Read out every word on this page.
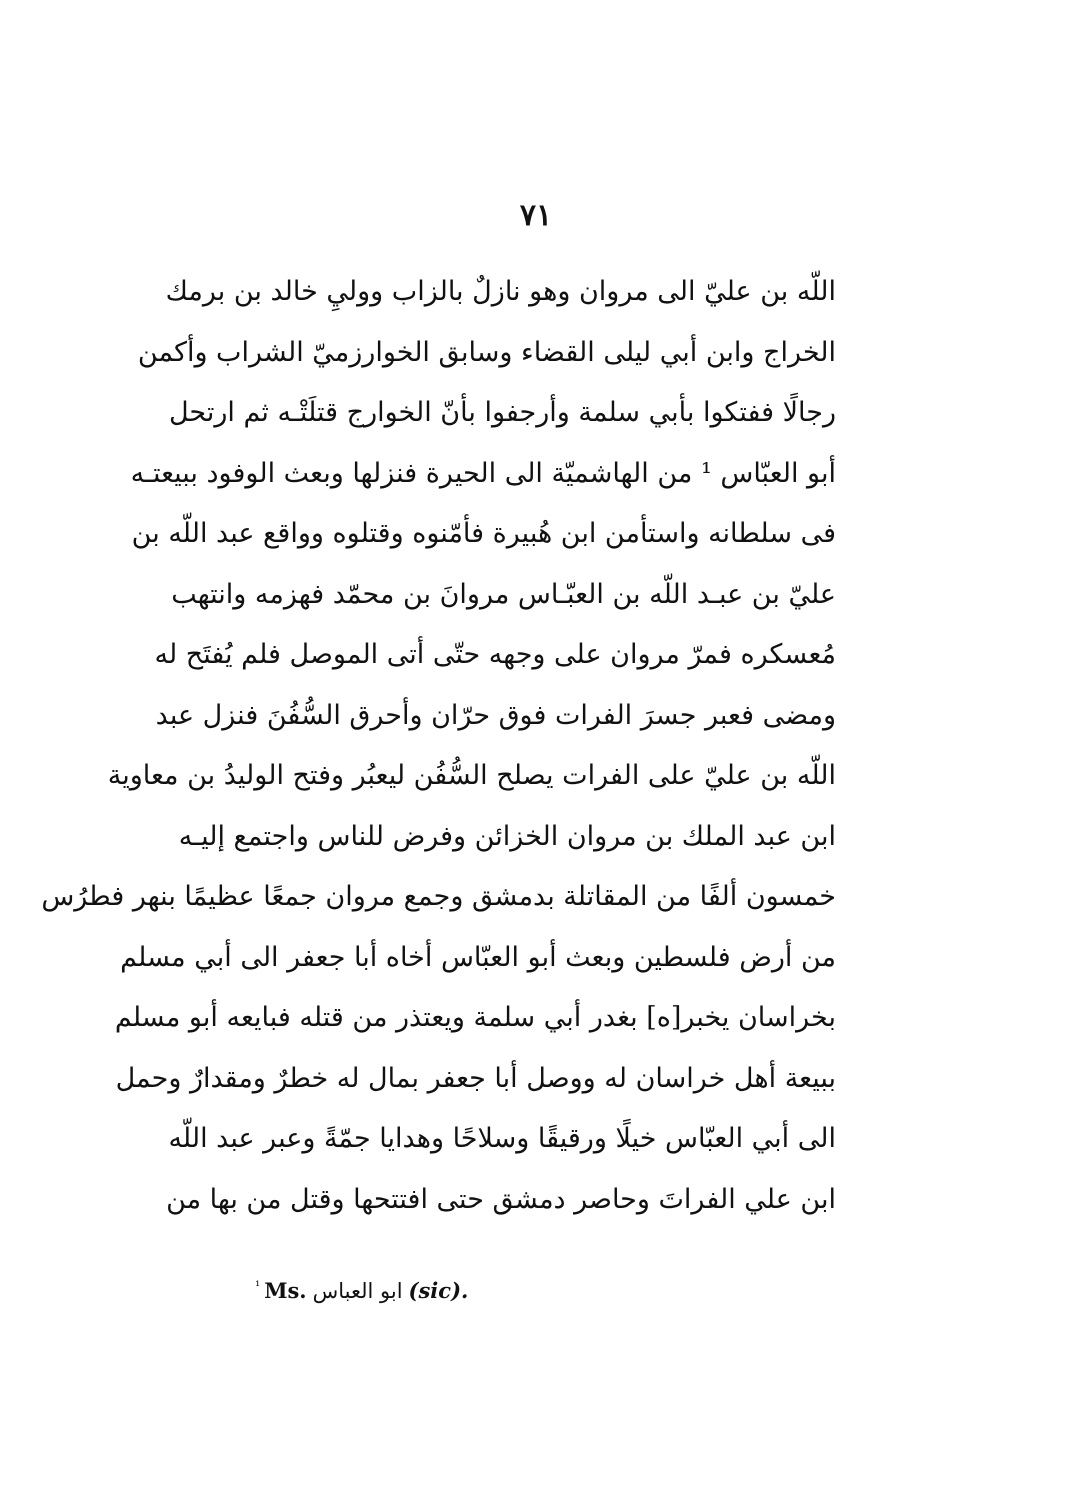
٧١
اللّه بن عليّ الى مروان وهو نازلٌ بالزاب ووليِ خالد بن برمك
الخراج وابن أبي ليلى القضاء وسابق الخوارزميّ الشراب وأكمن
رجالًا ففتكوا بأبي سلمة وأرجفوا بأنّ الخوارج قتلَتْـه ثم ارتحل
أبو العبّاس ¹ من الهاشميّة الى الحيرة فنزلها وبعث الوفود ببيعتـه
فى سلطانه واستأمن ابن هُبيرة فأمّنوه وقتلوه وواقع عبد اللّه بن
عليّ بن عبـد اللّه بن العبّـاس مروانَ بن محمّد فهزمه وانتهب
مُعسكره فمرّ مروان على وجهه حتّى أتى الموصل فلم يُفتَح له
ومضى فعبر جسرَ الفرات فوق حرّان وأحرق السُّفُنَ فنزل عبد
اللّه بن عليّ على الفرات يصلح السُّفُن ليعبُر وفتح الوليدُ بن معاوية
ابن عبد الملك بن مروان الخزائن وفرض للناس واجتمع إليـه
خمسون ألفًا من المقاتلة بدمشق وجمع مروان جمعًا عظيمًا بنهر فطرُس
من أرض فلسطين وبعث أبو العبّاس أخاه أبا جعفر الى أبي مسلم
بخراسان يخبر[ه] بغدر أبي سلمة ويعتذر من قتله فبايعه أبو مسلم
ببيعة أهل خراسان له ووصل أبا جعفر بمال له خطرٌ ومقدارٌ وحمل
الى أبي العبّاس خيلًا ورقيقًا وسلاحًا وهدايا جمّةً وعبر عبد اللّه
ابن علي الفراتَ وحاصر دمشق حتى افتتحها وقتل من بها من
$^{^1}$ Ms. ابو العباس (sic).
